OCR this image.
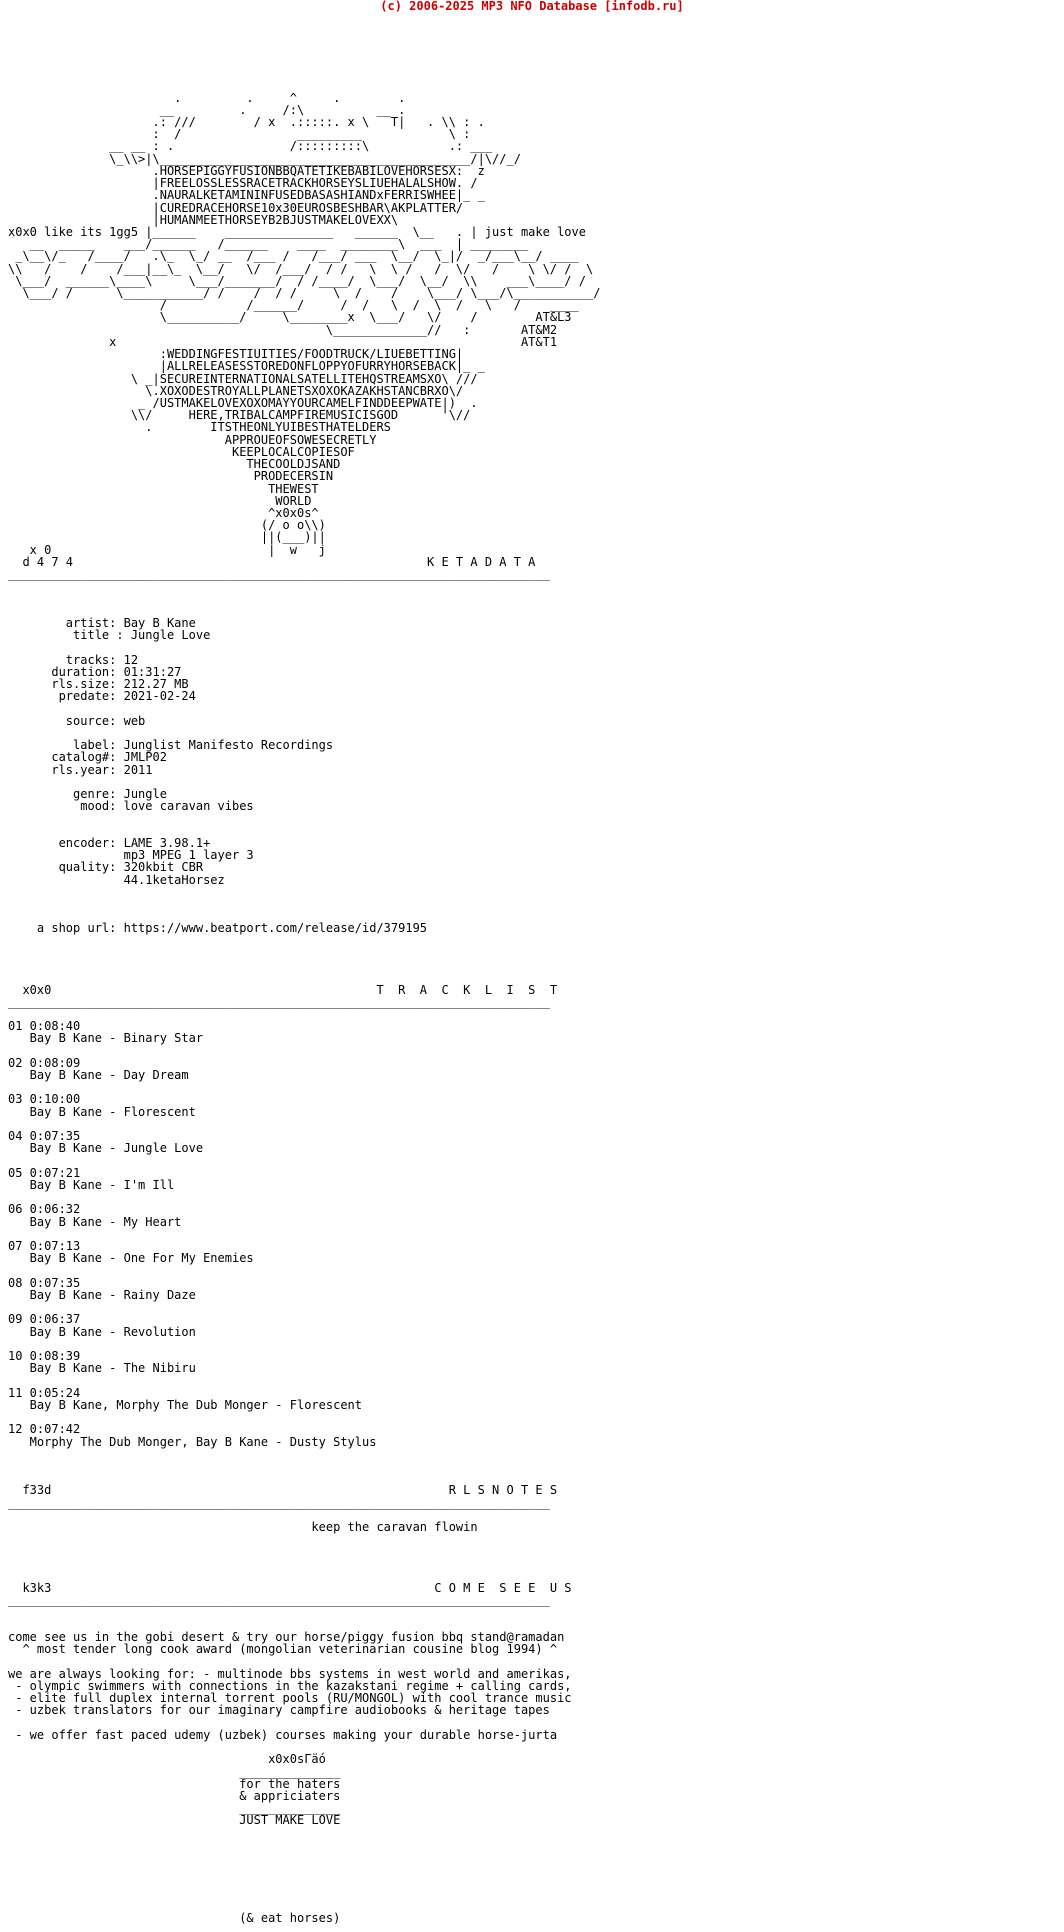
(c) 2006-2025 MP3 NFO Database [infodb.ru]

.         .     ^     .        .
__         .     /:\          __ .
.: ///        / x  .:::::. x \   T|   . \\ : .
:  /                _________            \ :
__ __ : .                /:::::::::\           .: ___
\_\\>|\___________________________________________/|\//_/
.HORSEPIGGYFUSIONBBQATETIKEBABILOVEHORSESX:  z
|FREELOSSLESSRACETRACKHORSEYSLIUEHALALSHOW. /
.NAURALKETAMININFUSEDBASASHIANDxFERRISWHEE|_ _
|CUREDRACEHORSE10x30EUROSBESHBAR\AKPLATTER/
|HUMANMEETHORSEYB2BJUSTMAKELOVEXX\
x0x0 like its 1gg5 |______    _______________   ______  \__   . | just make love
__  _____    ___/______   /______    ____  ________\  ___  | ________
_\__\/_   /____/   .\_  \_/ __  /___ /   /___/ ___  \__/  \_|/  _/___\__/ ____
\\   /    /    /___|__\_  \__/   \/  /___/  / /   \  \ /   /  \/   /    \ \/ /  \
\___/  ______\____\     \___/_______/  / /____/  \___/  \__/  \\    ___\____/ /
\___/ /      \___________/ /    /  / /     \  /    /    \___/ \___/\___________/
/           /______/     /  /   \  /  \  /   \   /    ____
\__________/     \________x  \___/   \/    /        AT&L3
\_____________//   :       AT&M2
x                                                        AT&T1
:WEDDINGFESTIUITIES/FOODTRUCK/LIUEBETTING|
|ALLRELEASESSTOREDONFLOPPYOFURRYHORSEBACK|_ _
\ _|SECUREINTERNATIONALSATELLITEHQSTREAMSXO\ ///
\.XOXODESTROYALLPLANETSXOXOKAZAKHSTANCBRXO\/
_ /USTMAKELOVEXOXOMAYYOURCAMELFINDDEEPWATE|)  .
\\/     HERE,TRIBALCAMPFIREMUSICISGOD      '\//
.        ITSTHEONLYUIBESTHATELDERS
APPROUEOFSOWESECRETLY
KEEPLOCALCOPIESOF
THECOOLDJSAND
PRODECERSIN
THEWEST
WORLD
^x0x0s^
(/ o o\\)
||(___)||
x 0                              |  w   j
d 4 7 4                                                 K E T A D A T A
___________________________________________________________________________

artist: Bay B Kane
title : Jungle Love

tracks: 12
duration: 01:31:27
rls.size: 212.27 MB
predate: 2021-02-24

source: web

label: Junglist Manifesto Recordings
catalog#: JMLP02
rls.year: 2011

genre: Jungle
mood: love caravan vibes

encoder: LAME 3.98.1+
mp3 MPEG 1 layer 3
quality: 320kbit CBR
44.1ketaHorsez

a shop url: https://www.beatport.com/release/id/379195

x0x0                                             T  R  A  C  K  L  I  S  T
___________________________________________________________________________

01 0:08:40
Bay B Kane - Binary Star

02 0:08:09
Bay B Kane - Day Dream

03 0:10:00
Bay B Kane - Florescent

04 0:07:35
Bay B Kane - Jungle Love

05 0:07:21
Bay B Kane - I'm Ill

06 0:06:32
Bay B Kane - My Heart

07 0:07:13
Bay B Kane - One For My Enemies

08 0:07:35
Bay B Kane - Rainy Daze

09 0:06:37
Bay B Kane - Revolution

10 0:08:39
Bay B Kane - The Nibiru

11 0:05:24
Bay B Kane, Morphy The Dub Monger - Florescent

12 0:07:42
Morphy The Dub Monger, Bay B Kane - Dusty Stylus

f33d                                                       R L S N O T E S
___________________________________________________________________________

keep the caravan flowin

k3k3                                                     C O M E  S E E  U S
___________________________________________________________________________

come see us in the gobi desert & try our horse/piggy fusion bbq stand@ramadan
^ most tender long cook award (mongolian veterinarian cousine blog 1994) ^

we are always looking for: - multinode bbs systems in west world and amerikas,
- olympic swimmers with connections in the kazakstani regime + calling cards,
- elite full duplex internal torrent pools (RU/MONGOL) with cool trance music
- uzbek translators for our imaginary campfire audiobooks & heritage tapes

- we offer fast paced udemy (uzbek) courses making your durable horse-jurta

x0x0sГäó
______________
for the haters
& appriciaters
______________
JUST MAKE LOVE

(& eat horses)
